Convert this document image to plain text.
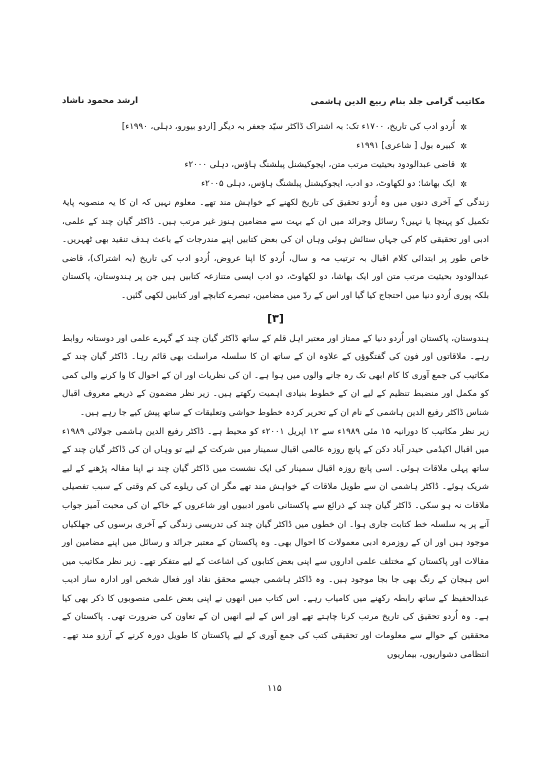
مکاتیب گرامی جلد بنام ربیع الدین ہاشمی
ارشد محمود ناشاد

✲
اُردو ادب کی تاریخ، ۱۷۰۰ء تک: بہ اشتراک ڈاکٹر سیّد جعفر بہ دیگر [اردو بیورو، دہلی، ۱۹۹۰ء]

✲
کبیرہ بول [ شاعری] ۱۹۹۱ء

✲
قاضی عبدالودود بحیثیت مرتب متن، ایجوکیشنل پبلشنگ ہاؤس، دہلی ۲۰۰۰ء

✲
ایک بھاشا: دو لکھاوٹ، دو ادب، ایجوکیشنل پبلشنگ ہاؤس، دہلی ۲۰۰۵ء

زندگی کے آخری دنوں میں وہ اُردو تحقیق کی تاریخ لکھنے کے خواہش مند تھے۔ معلوم نہیں کہ ان کا یہ منصوبہ پایۂ تکمیل کو پہنچا یا نہیں؟ رسائل وجرائد میں ان کے بہت سے مضامین ہنوز غیر مرتب ہیں۔ ڈاکٹر گیان چند کے علمی، ادبی اور تحقیقی کام کی جہاں ستائش ہوئی وہاں ان کی بعض کتابیں اپنے مندرجات کے باعث ہدف تنقید بھی ٹھہریں۔ خاص طور پر ابتدائی کلام اقبال بہ ترتیب مہ و سال، اُردو کا اپنا عروض، اُردو ادب کی تاریخ (بہ اشتراک)، قاضی عبدالودود بحیثیت مرتب متن اور ایک بھاشا، دو لکھاوٹ، دو ادب ایسی متنازعہ کتابیں ہیں جن پر ہندوستان، پاکستان بلکہ پوری اُردو دنیا میں احتجاج کیا گیا اور اس کے ردّ میں مضامین، تبصرے کتابچے اور کتابیں لکھی گئیں۔

[۳]

ہندوستان، پاکستان اور اُردو دنیا کے ممتاز اور معتبر اہل قلم کے ساتھ ڈاکٹر گیان چند کے گہرے علمی اور دوستانہ روابط رہے۔ ملاقاتوں اور فون کی گفتگوؤں کے علاوہ ان کے ساتھ ان کا سلسلہ مراسلت بھی قائم رہا۔ ڈاکٹر گیان چند کے مکاتیب کی جمع آوری کا کام ابھی تک رہ جانے والوں میں ہوا ہے۔ ان کی نظریات اور ان کے احوال کا وا کرنے والی کمی کو مکمل اور منضبط تنظیم کے لیے ان کے خطوط بنیادی اہمیت رکھتے ہیں۔ زیر نظر مضمون کے ذریعے معروف اقبال شناس ڈاکٹر رفیع الدین ہاشمی کے نام ان کے تحریر کردہ خطوط حواشی وتعلیقات کے ساتھ پیش کیے جا رہے ہیں۔

زیر نظر مکاتیب کا دورانیہ ۱۵ مئی ۱۹۸۹ء سے ۱۲ اپریل ۲۰۰۱ء کو محیط ہے۔ ڈاکٹر رفیع الدین ہاشمی جولائی ۱۹۸۹ء میں اقبال اکیڈمی حیدر آباد دکن کے پانچ روزہ عالمی اقبال سمینار میں شرکت کے لیے تو وہاں ان کی ڈاکٹر گیان چند کے ساتھ پہلی ملاقات ہوئی۔ اسی پانچ روزہ اقبال سمینار کی ایک نشست میں ڈاکٹر گیان چند نے اپنا مقالہ پڑھنے کے لیے شریک ہوئے۔ ڈاکٹر ہاشمی ان سے طویل ملاقات کے خواہش مند تھے مگر ان کی ریلوے کی کم وقتی کے سبب تفصیلی ملاقات نہ ہو سکی۔ ڈاکٹر گیان چند کے ذرائع سے پاکستانی نامور ادبیوں اور شاعروں کے خاکے ان کی محبت آمیز جواب آنے پر یہ سلسلہ خط کتابت جاری ہوا۔ ان خطوں میں ڈاکٹر گیان چند کی تدریسی زندگی کے آخری برسوں کی جھلکیاں موجود ہیں اور ان کے روزمرہ ادبی معمولات کا احوال بھی۔ وہ پاکستان کے معتبر جرائد و رسائل میں اپنے مضامین اور مقالات اور پاکستان کے مختلف علمی اداروں سے اپنی بعض کتابوں کی اشاعت کے لیے متفکر تھے۔ زیر نظر مکاتیب میں اس ہیجان کے رنگ بھی جا بجا موجود ہیں۔ وہ ڈاکٹر ہاشمی جیسے محقق نقاد اور فعال شخص اور ادارہ ساز ادیب عبدالحفیظ کے ساتھ رابطہ رکھنے میں کامیاب رہے۔ اس کتاب میں انھوں نے اپنی بعض علمی منصوبوں کا ذکر بھی کیا ہے۔ وہ اُردو تحقیق کی تاریخ مرتب کرنا چاہتے تھے اور اس کے لیے انھیں ان کے تعاون کی ضرورت تھی۔ پاکستان کے محققین کے حوالے سے معلومات اور تحقیقی کتب کی جمع آوری کے لیے پاکستان کا طویل دورہ کرنے کے آرزو مند تھے۔ انتظامی دشواریوں، بیماریوں

۱۱۵
